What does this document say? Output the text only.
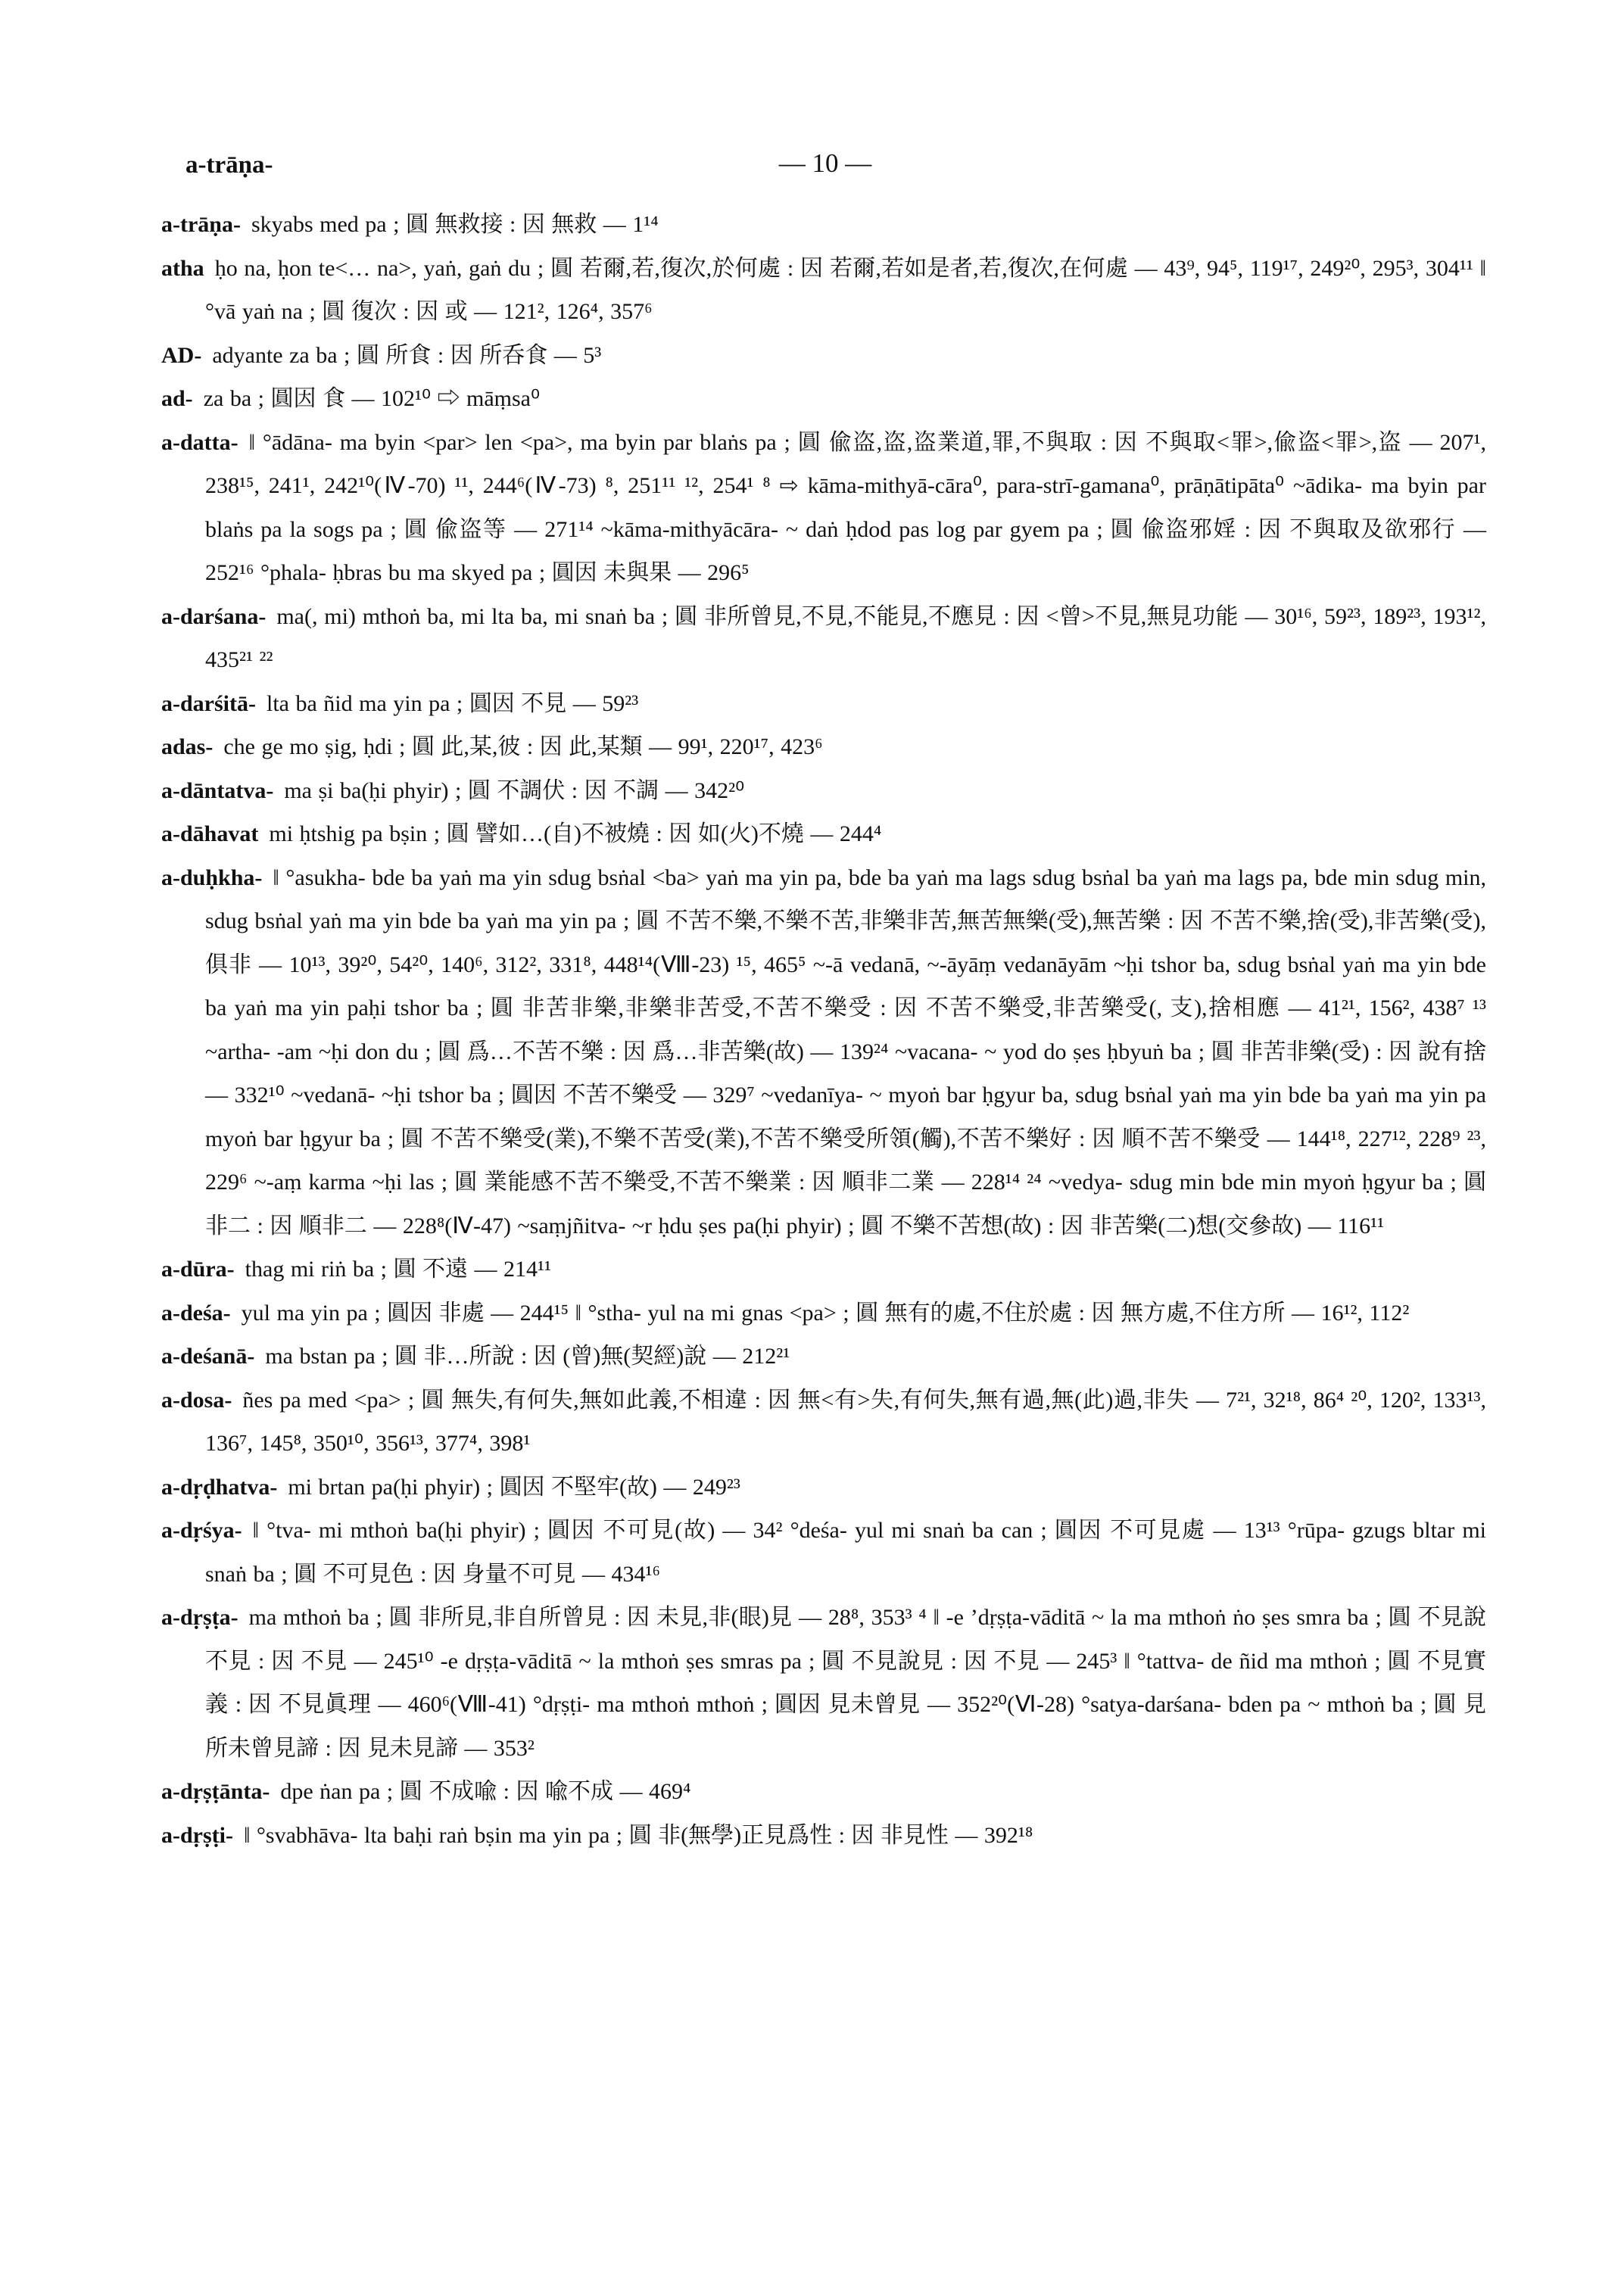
a-trāṇa-	— 10 —

a-trāṇa- skyabs med pa ; 圓 無救接 : 因 無救 — 1¹⁴

atha ḥo na, ḥon te<… na>, yaṅ, gaṅ du ; 圓 若爾,若,復次,於何處 : 因 若爾,若如是者,若,復次,在何處 — 43⁹, 94⁵, 119¹⁷, 249²⁰, 295³, 304¹¹ ‖ °vā yaṅ na ; 圓 復次 : 因 或 — 121², 126⁴, 357⁶

AD- adyante za ba ; 圓 所食 : 因 所呑食 — 5³

ad- za ba ; 圓因 食 — 102¹⁰ ⇨ māṃsa⁰

a-datta- ‖ °ādāna- ma byin <par> len <pa>, ma byin par blaṅs pa ; 圓 偸盗,盗,盗業道,罪,不與取 : 因 不與取<罪>,偸盗<罪>,盗 — 207¹, 238¹⁵, 241¹, 242¹⁰(Ⅳ-70) ¹¹, 244⁶(Ⅳ-73) ⁸, 251¹¹ ¹², 254¹ ⁸ ⇨ kāma-mithyā-cāra⁰, para-strī-gamana⁰, prāṇātipāta⁰ ~ādika- ma byin par blaṅs pa la sogs pa ; 圓 偸盗等 — 271¹⁴ ~kāma-mithyācāra- ~ daṅ ḥdod pas log par gyem pa ; 圓 偸盗邪婬 : 因 不與取及欲邪行 — 252¹⁶ °phala- ḥbras bu ma skyed pa ; 圓因 未與果 — 296⁵

a-darśana- ma(, mi) mthoṅ ba, mi lta ba, mi snaṅ ba ; 圓 非所曾見,不見,不能見,不應見 : 因 <曾>不見,無見功能 — 30¹⁶, 59²³, 189²³, 193¹², 435²¹ ²²

a-darśitā- lta ba ñid ma yin pa ; 圓因 不見 — 59²³

adas- che ge mo ṣig, ḥdi ; 圓 此,某,彼 : 因 此,某類 — 99¹, 220¹⁷, 423⁶

a-dāntatva- ma ṣi ba(ḥi phyir) ; 圓 不調伏 : 因 不調 — 342²⁰

a-dāhavat mi ḥtshig pa bṣin ; 圓 譬如…(自)不被燒 : 因 如(火)不燒 — 244⁴

a-duḥkha- ‖ °asukha- bde ba yaṅ ma yin sdug bsṅal <ba> yaṅ ma yin pa, bde ba yaṅ ma lags sdug bsṅal ba yaṅ ma lags pa, bde min sdug min, sdug bsṅal yaṅ ma yin bde ba yaṅ ma yin pa ; 圓 不苦不樂,不樂不苦,非樂非苦,無苦無樂(受),無苦樂 : 因 不苦不樂,捨(受),非苦樂(受),俱非 — 10¹³, 39²⁰, 54²⁰, 140⁶, 312², 331⁸, 448¹⁴(Ⅷ-23) ¹⁵, 465⁵ ~-ā vedanā, ~-āyāṃ vedanāyām ~ḥi tshor ba, sdug bsṅal yaṅ ma yin bde ba yaṅ ma yin paḥi tshor ba ; 圓 非苦非樂,非樂非苦受,不苦不樂受 : 因 不苦不樂受,非苦樂受(, 支),捨相應 — 41²¹, 156², 438⁷ ¹³ ~artha- -am ~ḥi don du ; 圓 爲…不苦不樂 : 因 爲…非苦樂(故) — 139²⁴ ~vacana- ~ yod do ṣes ḥbyuṅ ba ; 圓 非苦非樂(受) : 因 說有捨 — 332¹⁰ ~vedanā- ~ḥi tshor ba ; 圓因 不苦不樂受 — 329⁷ ~vedanīya- ~ myoṅ bar ḥgyur ba, sdug bsṅal yaṅ ma yin bde ba yaṅ ma yin pa myoṅ bar ḥgyur ba ; 圓 不苦不樂受(業),不樂不苦受(業),不苦不樂受所領(觸),不苦不樂好 : 因 順不苦不樂受 — 144¹⁸, 227¹², 228⁹ ²³, 229⁶ ~-aṃ karma ~ḥi las ; 圓 業能感不苦不樂受,不苦不樂業 : 因 順非二業 — 228¹⁴ ²⁴ ~vedya- sdug min bde min myoṅ ḥgyur ba ; 圓 非二 : 因 順非二 — 228⁸(Ⅳ-47) ~saṃjñitva- ~r ḥdu ṣes pa(ḥi phyir) ; 圓 不樂不苦想(故) : 因 非苦樂(二)想(交參故) — 116¹¹

a-dūra- thag mi riṅ ba ; 圓 不遠 — 214¹¹

a-deśa- yul ma yin pa ; 圓因 非處 — 244¹⁵ ‖ °stha- yul na mi gnas <pa> ; 圓 無有的處,不住於處 : 因 無方處,不住方所 — 16¹², 112²

a-deśanā- ma bstan pa ; 圓 非…所說 : 因 (曾)無(契經)說 — 212²¹

a-dosa- ñes pa med <pa> ; 圓 無失,有何失,無如此義,不相違 : 因 無<有>失,有何失,無有過,無(此)過,非失 — 7²¹, 32¹⁸, 86⁴ ²⁰, 120², 133¹³, 136⁷, 145⁸, 350¹⁰, 356¹³, 377⁴, 398¹

a-dṛḍhatva- mi brtan pa(ḥi phyir) ; 圓因 不堅牢(故) — 249²³

a-dṛśya- ‖ °tva- mi mthoṅ ba(ḥi phyir) ; 圓因 不可見(故) — 34² °deśa- yul mi snaṅ ba can ; 圓因 不可見處 — 13¹³ °rūpa- gzugs bltar mi snaṅ ba ; 圓 不可見色 : 因 身量不可見 — 434¹⁶

a-dṛṣṭa- ma mthoṅ ba ; 圓 非所見,非自所曾見 : 因 未見,非(眼)見 — 28⁸, 353³ ⁴ ‖ -e ’dṛṣṭa-vāditā ~ la ma mthoṅ ṅo ṣes smra ba ; 圓 不見說不見 : 因 不見 — 245¹⁰ -e dṛṣṭa-vāditā ~ la mthoṅ ṣes smras pa ; 圓 不見說見 : 因 不見 — 245³ ‖ °tattva- de ñid ma mthoṅ ; 圓 不見實義 : 因 不見眞理 — 460⁶(Ⅷ-41) °dṛṣṭi- ma mthoṅ mthoṅ ; 圓因 見未曾見 — 352²⁰(Ⅵ-28) °satya-darśana- bden pa ~ mthoṅ ba ; 圓 見所未曾見諦 : 因 見未見諦 — 353²

a-dṛṣṭānta- dpe ṅan pa ; 圓 不成喩 : 因 喩不成 — 469⁴

a-dṛṣṭi- ‖ °svabhāva- lta baḥi raṅ bṣin ma yin pa ; 圓 非(無學)正見爲性 : 因 非見性 — 392¹⁸
